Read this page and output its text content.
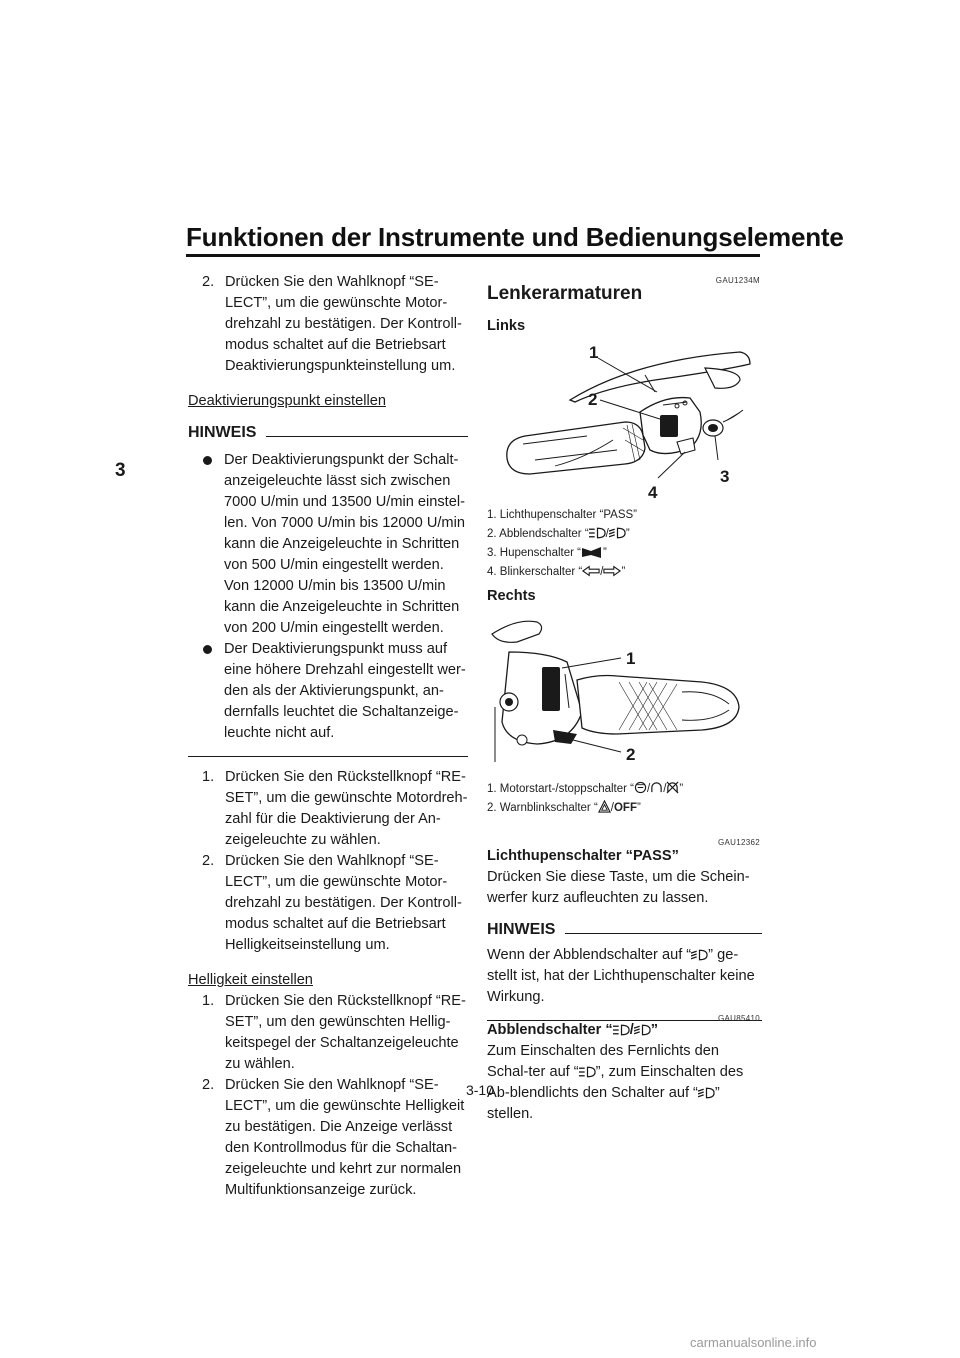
Funktionen der Instrumente und Bedienungselemente
3
2. Drücken Sie den Wahlknopf “SE-LECT”, um die gewünschte Motor-drehzahl zu bestätigen. Der Kontroll-modus schaltet auf die Betriebsart Deaktivierungspunkteinstellung um.
Deaktivierungspunkt einstellen
HINWEIS
Der Deaktivierungspunkt der Schalt-anzeigeleuchte lässt sich zwischen 7000 U/min und 13500 U/min einstel-len. Von 7000 U/min bis 12000 U/min kann die Anzeigeleuchte in Schritten von 500 U/min eingestellt werden. Von 12000 U/min bis 13500 U/min kann die Anzeigeleuchte in Schritten von 200 U/min eingestellt werden.
Der Deaktivierungspunkt muss auf eine höhere Drehzahl eingestellt wer-den als der Aktivierungspunkt, an-dernfalls leuchtet die Schaltanzeige-leuchte nicht auf.
1. Drücken Sie den Rückstellknopf “RE-SET”, um die gewünschte Motordreh-zahl für die Deaktivierung der An-zeigeleuchte zu wählen.
2. Drücken Sie den Wahlknopf “SE-LECT”, um die gewünschte Motor-drehzahl zu bestätigen. Der Kontroll-modus schaltet auf die Betriebsart Helligkeitseinstellung um.
Helligkeit einstellen
1. Drücken Sie den Rückstellknopf “RE-SET”, um den gewünschten Hellig-keitspegel der Schaltanzeigeleuchte zu wählen.
2. Drücken Sie den Wahlknopf “SE-LECT”, um die gewünschte Helligkeit zu bestätigen. Die Anzeige verlässt den Kontrollmodus für die Schaltan-zeigeleuchte und kehrt zur normalen Multifunktionsanzeige zurück.
GAU1234M
Lenkerarmaturen
Links
1
2
3
4
1. Lichthupenschalter “PASS”
2. Abblendschalter “ / ”
3. Hupenschalter “ ”
4. Blinkerschalter “ / ”
Rechts
1
2
1. Motorstart-/stoppschalter “ / / ”
2. Warnblinkschalter “ /OFF”
GAU12362
Lichthupenschalter “PASS”
Drücken Sie diese Taste, um die Schein-werfer kurz aufleuchten zu lassen.
HINWEIS
Wenn der Abblendschalter auf “ ” ge-stellt ist, hat der Lichthupenschalter keine Wirkung.
GAU85410
Abblendschalter “ / ”
Zum Einschalten des Fernlichts den Schal-ter auf “ ”, zum Einschalten des Ab-blendlichts den Schalter auf “ ” stellen.
3-10
carmanualsonline.info
